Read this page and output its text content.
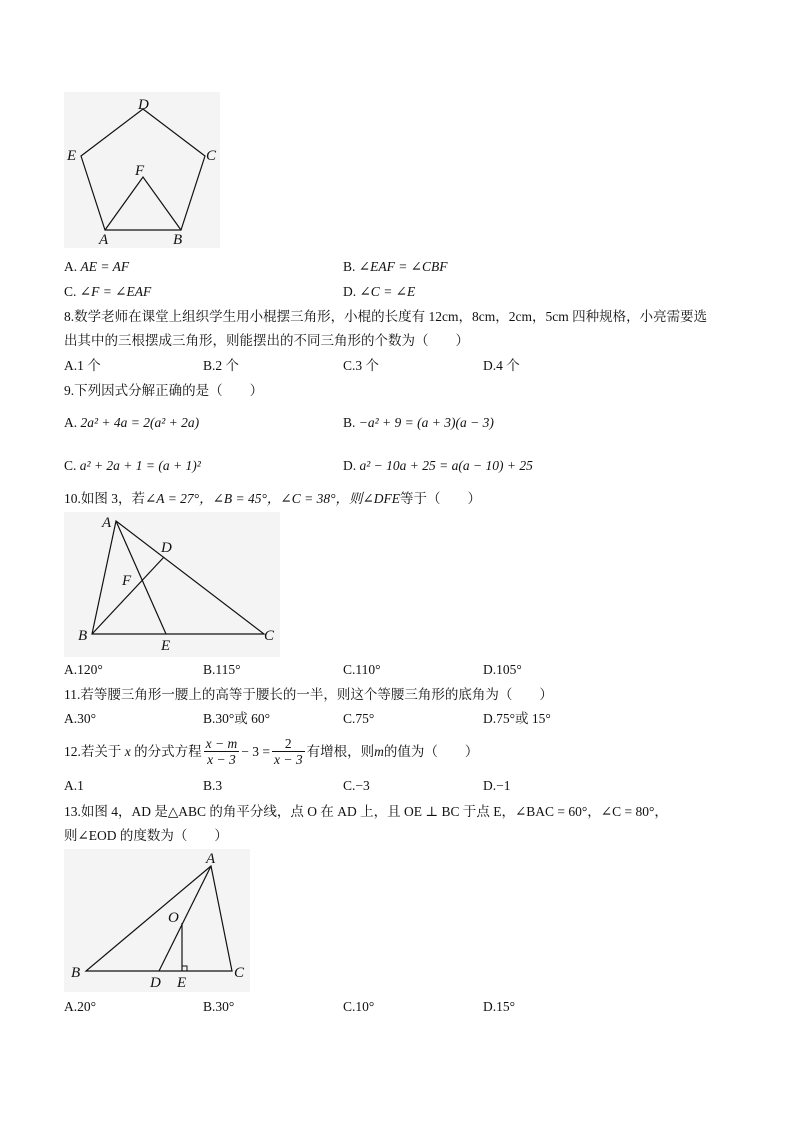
D
C
E
F
A	B
A. AE = AF	B. ∠EAF = ∠CBF
C. ∠F = ∠EAF	D. ∠C = ∠E
8.数学老师在课堂上组织学生用小棍摆三角形，小棍的长度有 12cm，8cm，2cm，5cm 四种规格，小亮需要选
出其中的三根摆成三角形，则能摆出的不同三角形的个数为（　　）
A.1 个	B.2 个	C.3 个	D.4 个
9.下列因式分解正确的是（　　）
A. 2a² + 4a = 2(a² + 2a)	B. −a² + 9 = (a + 3)(a − 3)
C. a² + 2a + 1 = (a + 1)²	D. a² − 10a + 25 = a(a − 10) + 25
10.如图 3，若∠A = 27°，∠B = 45°，∠C = 38°，则∠DFE等于（　　）
A
D
F
B
E
C
A.120°	B.115°	C.110°	D.105°
11.若等腰三角形一腰上的高等于腰长的一半，则这个等腰三角形的底角为（　　）
A.30°	B.30°或 60°	C.75°	D.75°或 15°
12.若关于 x 的分式方程 $\frac{x - m}{x - 3} - 3 = \frac{2}{x - 3}$ 有增根，则m的值为（　　）
A.1	B.3	C.−3	D.−1
13.如图 4，AD 是△ABC 的角平分线，点 O 在 AD 上，且 OE ⊥ BC 于点 E，∠BAC = 60°，∠C = 80°，
则∠EOD 的度数为（　　）
A
O
B
D E
C
A.20°	B.30°	C.10°	D.15°
